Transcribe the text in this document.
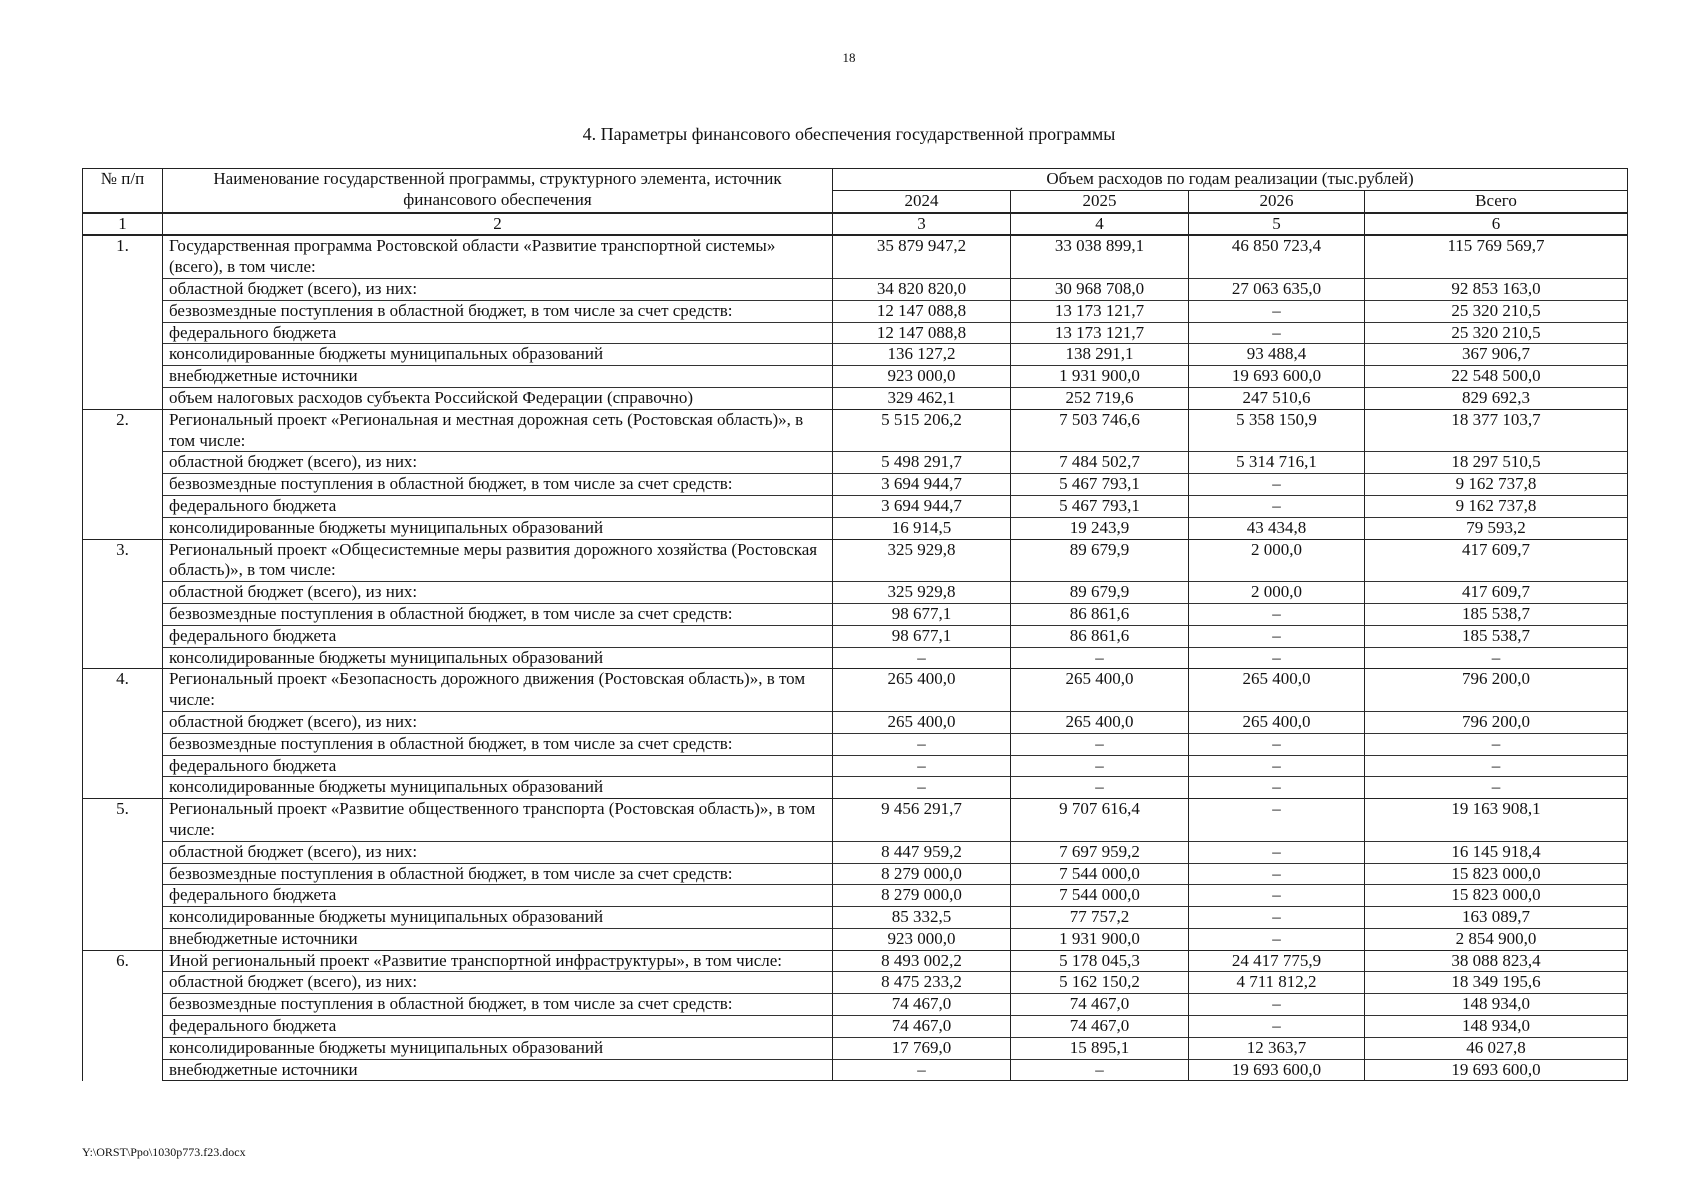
18
4. Параметры финансового обеспечения государственной программы
№ п/п	Наименование государственной программы, структурного элемента, источник финансового обеспечения	Объем расходов по годам реализации (тыс.рублей)			
		2024	2025	2026	Всего
1	2	3	4	5	6
1.	Государственная программа Ростовской области «Развитие транспортной системы» (всего), в том числе:	35 879 947,2	33 038 899,1	46 850 723,4	115 769 569,7
	областной бюджет (всего), из них:	34 820 820,0	30 968 708,0	27 063 635,0	92 853 163,0
	безвозмездные поступления в областной бюджет, в том числе за счет средств:	12 147 088,8	13 173 121,7	–	25 320 210,5
	федерального бюджета	12 147 088,8	13 173 121,7	–	25 320 210,5
	консолидированные бюджеты муниципальных образований	136 127,2	138 291,1	93 488,4	367 906,7
	внебюджетные источники	923 000,0	1 931 900,0	19 693 600,0	22 548 500,0
	объем налоговых расходов субъекта Российской Федерации (справочно)	329 462,1	252 719,6	247 510,6	829 692,3
2.	Региональный проект «Региональная и местная дорожная сеть (Ростовская область)», в том числе:	5 515 206,2	7 503 746,6	5 358 150,9	18 377 103,7
	областной бюджет (всего), из них:	5 498 291,7	7 484 502,7	5 314 716,1	18 297 510,5
	безвозмездные поступления в областной бюджет, в том числе за счет средств:	3 694 944,7	5 467 793,1	–	9 162 737,8
	федерального бюджета	3 694 944,7	5 467 793,1	–	9 162 737,8
	консолидированные бюджеты муниципальных образований	16 914,5	19 243,9	43 434,8	79 593,2
3.	Региональный проект «Общесистемные меры развития дорожного хозяйства (Ростовская область)», в том числе:	325 929,8	89 679,9	2 000,0	417 609,7
	областной бюджет (всего), из них:	325 929,8	89 679,9	2 000,0	417 609,7
	безвозмездные поступления в областной бюджет, в том числе за счет средств:	98 677,1	86 861,6	–	185 538,7
	федерального бюджета	98 677,1	86 861,6	–	185 538,7
	консолидированные бюджеты муниципальных образований	–	–	–	–
4.	Региональный проект «Безопасность дорожного движения (Ростовская область)», в том числе:	265 400,0	265 400,0	265 400,0	796 200,0
	областной бюджет (всего), из них:	265 400,0	265 400,0	265 400,0	796 200,0
	безвозмездные поступления в областной бюджет, в том числе за счет средств:	–	–	–	–
	федерального бюджета	–	–	–	–
	консолидированные бюджеты муниципальных образований	–	–	–	–
5.	Региональный проект «Развитие общественного транспорта (Ростовская область)», в том числе:	9 456 291,7	9 707 616,4	–	19 163 908,1
	областной бюджет (всего), из них:	8 447 959,2	7 697 959,2	–	16 145 918,4
	безвозмездные поступления в областной бюджет, в том числе за счет средств:	8 279 000,0	7 544 000,0	–	15 823 000,0
	федерального бюджета	8 279 000,0	7 544 000,0	–	15 823 000,0
	консолидированные бюджеты муниципальных образований	85 332,5	77 757,2	–	163 089,7
	внебюджетные источники	923 000,0	1 931 900,0	–	2 854 900,0
6.	Иной региональный проект «Развитие транспортной инфраструктуры», в том числе:	8 493 002,2	5 178 045,3	24 417 775,9	38 088 823,4
	областной бюджет (всего), из них:	8 475 233,2	5 162 150,2	4 711 812,2	18 349 195,6
	безвозмездные поступления в областной бюджет, в том числе за счет средств:	74 467,0	74 467,0	–	148 934,0
	федерального бюджета	74 467,0	74 467,0	–	148 934,0
	консолидированные бюджеты муниципальных образований	17 769,0	15 895,1	12 363,7	46 027,8
	внебюджетные источники	–	–	19 693 600,0	19 693 600,0
Y:\ORST\Ppo\1030p773.f23.docx
